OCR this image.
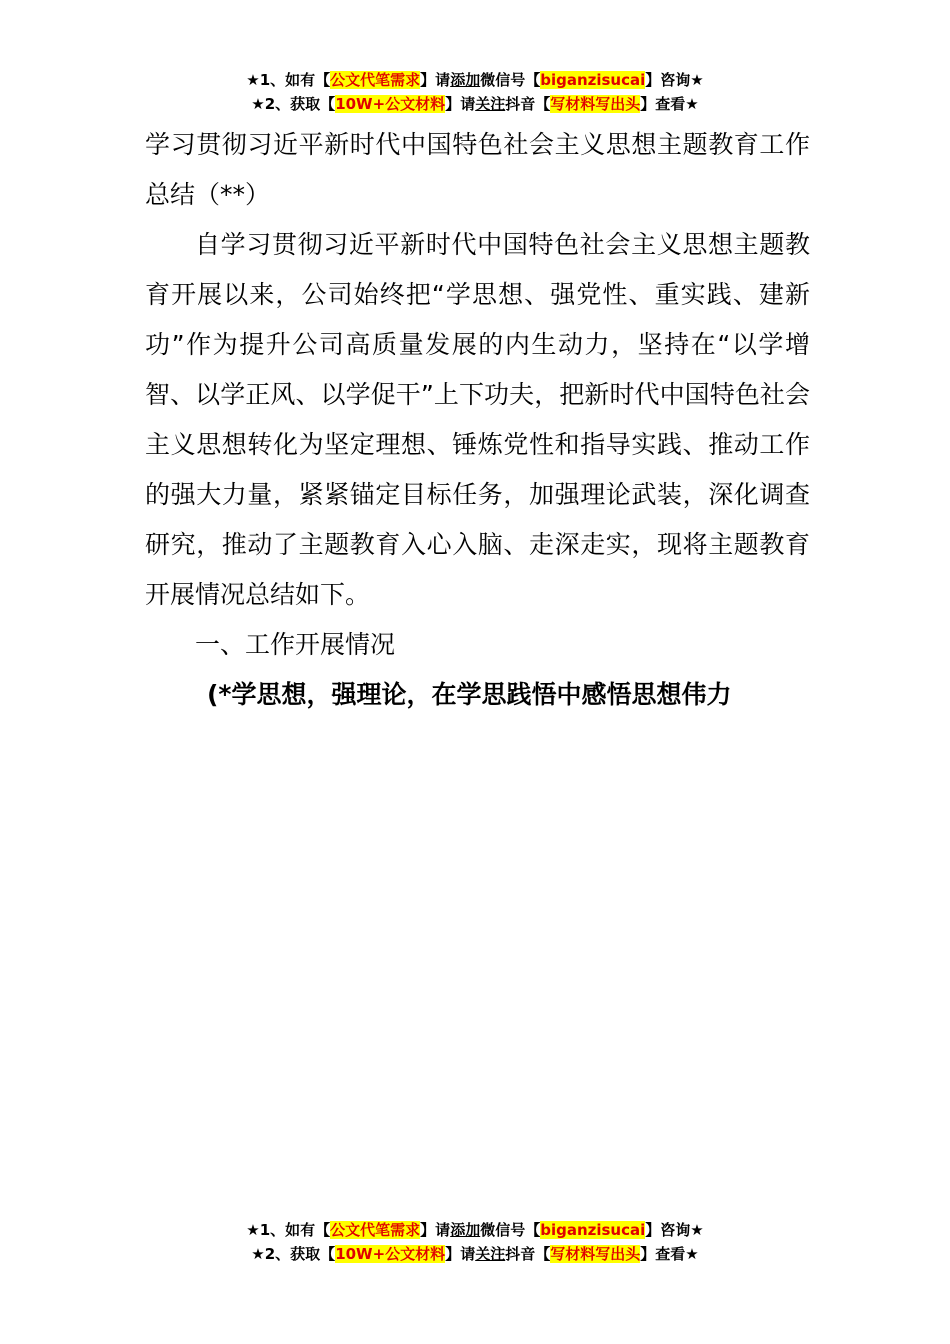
★1、如有【公文代笔需求】请添加微信号【biganzisucai】咨询★
★2、获取【10W+公文材料】请关注抖音【写材料写出头】查看★

学习贯彻习近平新时代中国特色社会主义思想主题教育工作总结（**）

自学习贯彻习近平新时代中国特色社会主义思想主题教育开展以来，公司始终把“学思想、强党性、重实践、建新功”作为提升公司高质量发展的内生动力，坚持在“以学增智、以学正风、以学促干”上下功夫，把新时代中国特色社会主义思想转化为坚定理想、锤炼党性和指导实践、推动工作的强大力量，紧紧锚定目标任务，加强理论武装，深化调查研究，推动了主题教育入心入脑、走深走实，现将主题教育开展情况总结如下。

一、工作开展情况

(*学思想，强理论，在学思践悟中感悟思想伟力

★1、如有【公文代笔需求】请添加微信号【biganzisucai】咨询★
★2、获取【10W+公文材料】请关注抖音【写材料写出头】查看★
